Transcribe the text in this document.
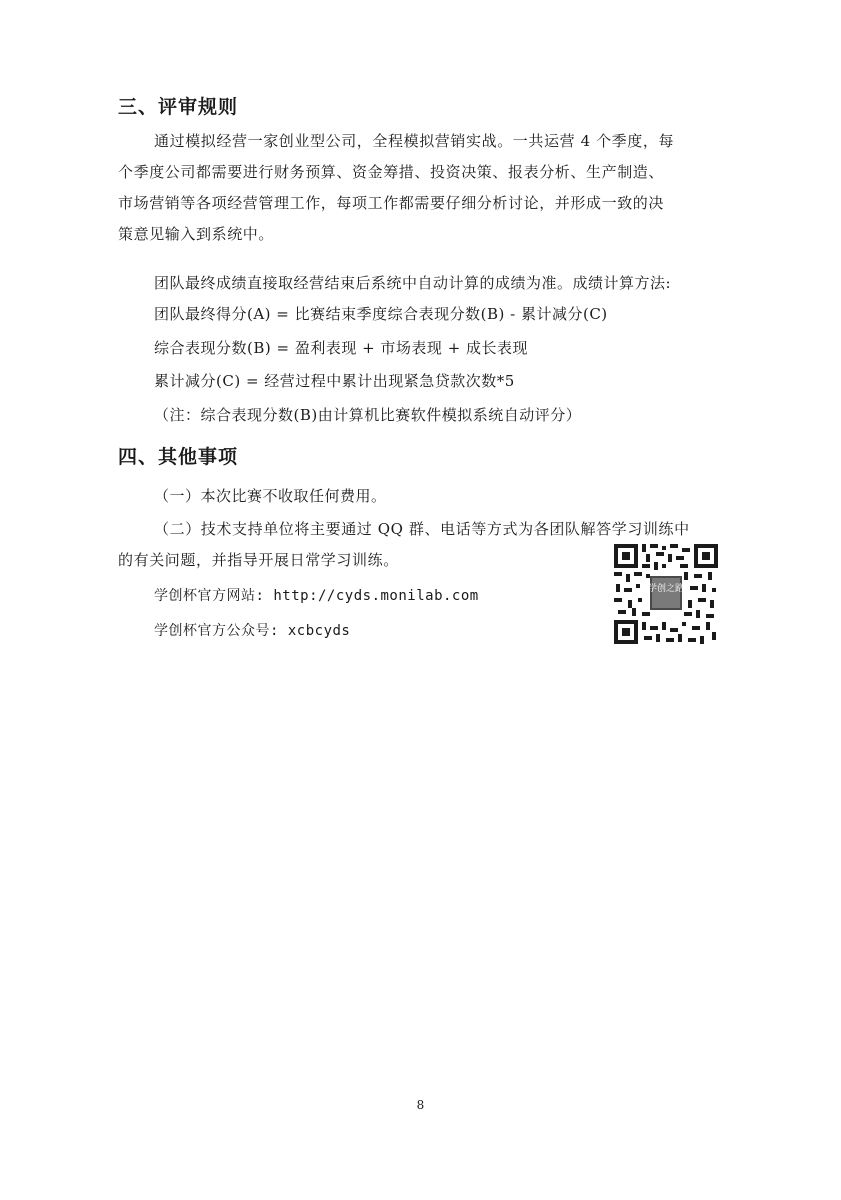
三、评审规则

通过模拟经营一家创业型公司，全程模拟营销实战。一共运营 4 个季度，每

个季度公司都需要进行财务预算、资金筹措、投资决策、报表分析、生产制造、

市场营销等各项经营管理工作，每项工作都需要仔细分析讨论，并形成一致的决

策意见输入到系统中。

团队最终成绩直接取经营结束后系统中自动计算的成绩为准。成绩计算方法:
团队最终得分(A) = 比赛结束季度综合表现分数(B) - 累计减分(C)
综合表现分数(B) = 盈利表现 + 市场表现 + 成长表现
累计减分(C) = 经营过程中累计出现紧急贷款次数*5
（注：综合表现分数(B)由计算机比赛软件模拟系统自动评分）
四、其他事项
（一）本次比赛不收取任何费用。

（二）技术支持单位将主要通过 QQ 群、电话等方式为各团队解答学习训练中

的有关问题，并指导开展日常学习训练。

学创杯官方网站: http://cyds.monilab.com
学创杯官方公众号: xcbcyds
学创之路
8
